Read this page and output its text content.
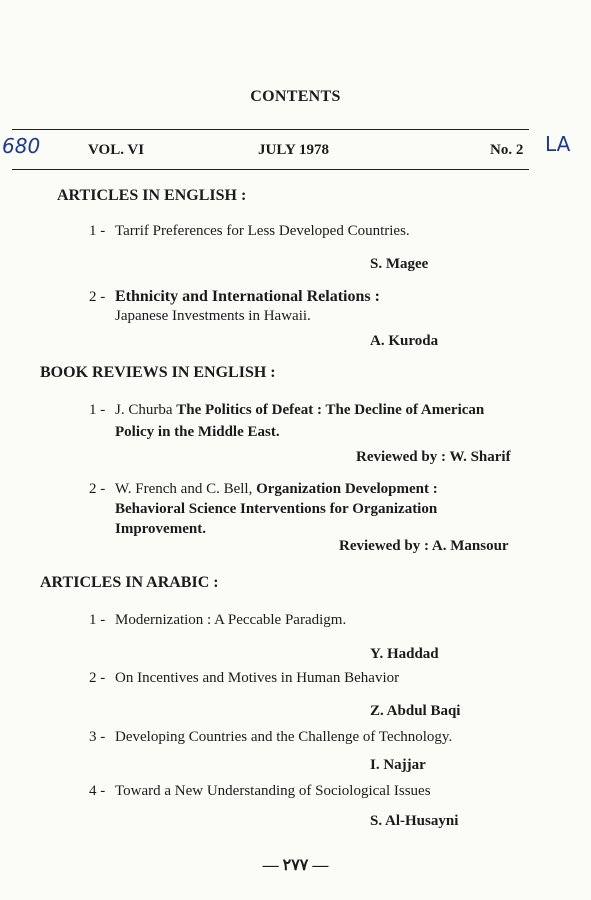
CONTENTS
680	VOL. VI	JULY 1978	No. 2 LA
ARTICLES IN ENGLISH :
1 - Tarrif Preferences for Less Developed Countries.
S. Magee
2 - Ethnicity and International Relations :
Japanese Investments in Hawaii.
A. Kuroda
BOOK REVIEWS IN ENGLISH :
1 - J. Churba The Politics of Defeat : The Decline of American
Policy in the Middle East.
Reviewed by : W. Sharif
2 - W. French and C. Bell, Organization Development :
Behavioral Science Interventions for Organization
Improvement.
Reviewed by : A. Mansour
ARTICLES IN ARABIC :
1 - Modernization : A Peccable Paradigm.
Y. Haddad
2 - On Incentives and Motives in Human Behavior
Z. Abdul Baqi
3 - Developing Countries and the Challenge of Technology.
I. Najjar
4 - Toward a New Understanding of Sociological Issues
S. Al-Husayni
— ٢٧٧ —
